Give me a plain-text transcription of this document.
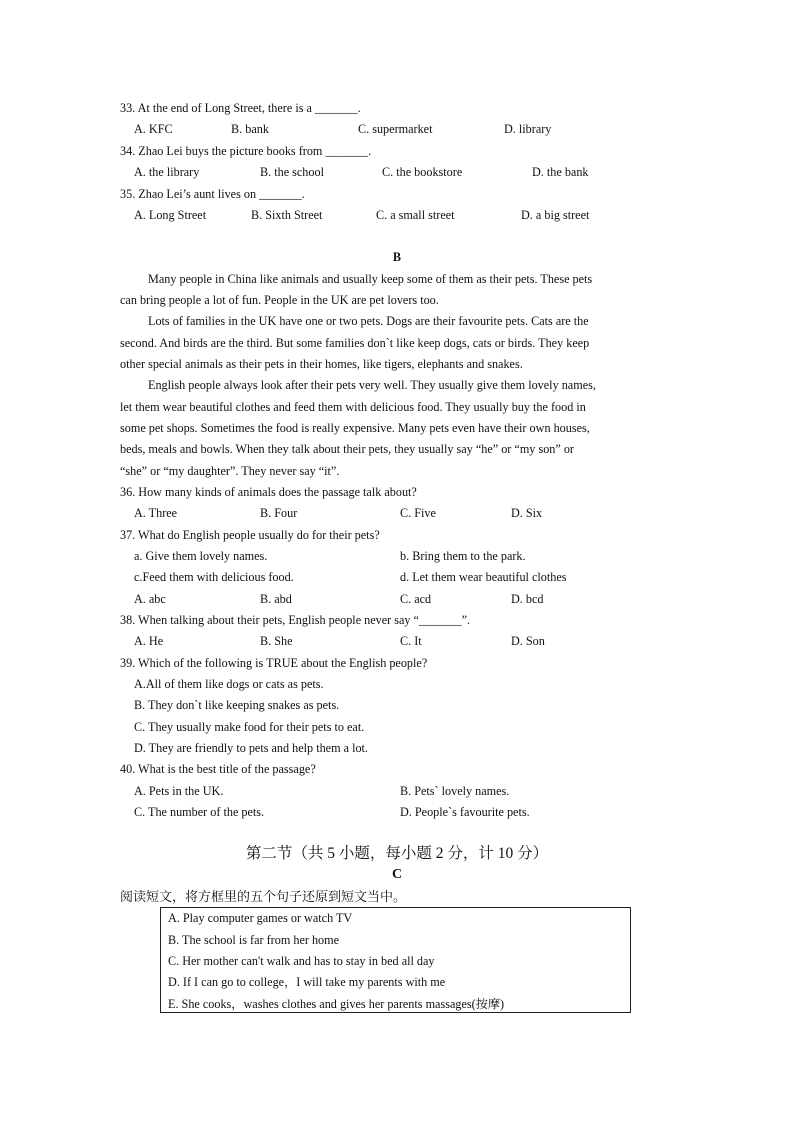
33. At the end of Long Street, there is a _______.
A. KFC	B. bank	C. supermarket	D. library
34. Zhao Lei buys the picture books from _______.
A. the library	B. the school	C. the bookstore	D. the bank
35. Zhao Lei’s aunt lives on _______.
A. Long Street	B. Sixth Street	C. a small street	D. a big street
B
Many people in China like animals and usually keep some of them as their pets. These pets
can bring people a lot of fun. People in the UK are pet lovers too.
Lots of families in the UK have one or two pets. Dogs are their favourite pets. Cats are the
second. And birds are the third. But some families don`t like keep dogs, cats or birds. They keep
other special animals as their pets in their homes, like tigers, elephants and snakes.
English people always look after their pets very well. They usually give them lovely names,
let them wear beautiful clothes and feed them with delicious food. They usually buy the food in
some pet shops. Sometimes the food is really expensive. Many pets even have their own houses,
beds, meals and bowls. When they talk about their pets, they usually say “he” or “my son” or
“she” or “my daughter”. They never say “it”.
36. How many kinds of animals does the passage talk about?
A. Three	B. Four	C. Five	D. Six
37. What do English people usually do for their pets?
a. Give them lovely names.	b. Bring them to the park.
c.Feed them with delicious food.	d. Let them wear beautiful clothes
A. abc	B. abd	C. acd	D. bcd
38. When talking about their pets, English people never say “_______”.
A. He	B. She	C. It	D. Son
39. Which of the following is TRUE about the English people?
A.All of them like dogs or cats as pets.
B. They don`t like keeping snakes as pets.
C. They usually make food for their pets to eat.
D. They are friendly to pets and help them a lot.
40. What is the best title of the passage?
A. Pets in the UK.	B. Pets` lovely names.
C. The number of the pets.	D. People`s favourite pets.
第二节（共 5 小题，每小题 2 分，计 10 分）
C
阅读短文，将方框里的五个句子还原到短文当中。
A. Play computer games or watch TV
B. The school is far from her home
C. Her mother can't walk and has to stay in bed all day
D. If I can go to college，I will take my parents with me
E. She cooks，washes clothes and gives her parents massages(按摩)
